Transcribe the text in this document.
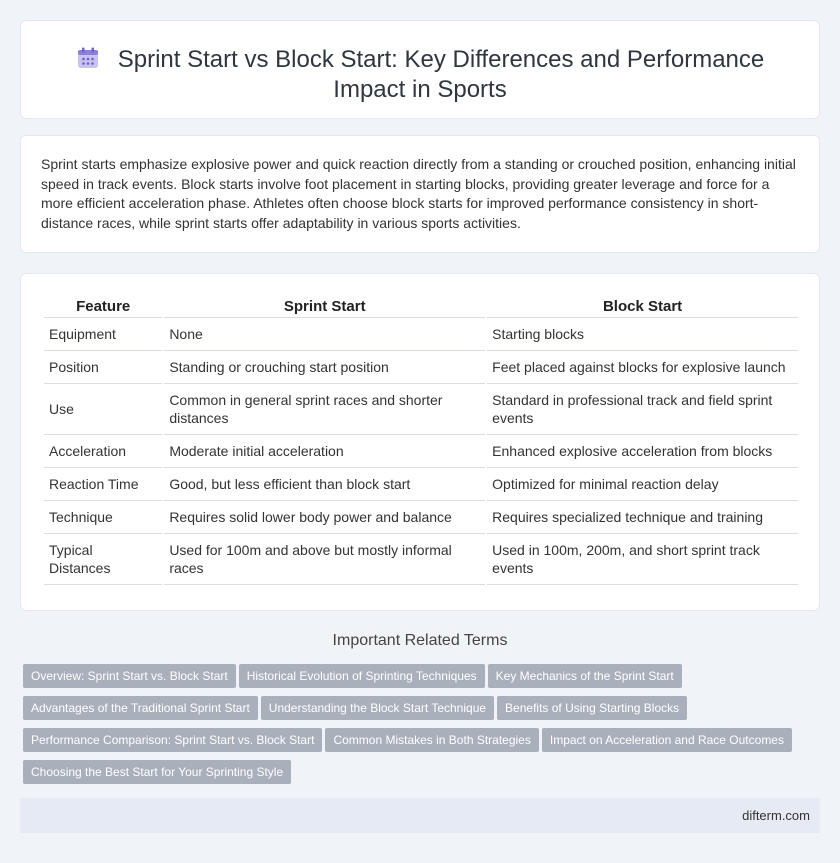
Sprint Start vs Block Start: Key Differences and Performance Impact in Sports

Sprint starts emphasize explosive power and quick reaction directly from a standing or crouched position, enhancing initial speed in track events. Block starts involve foot placement in starting blocks, providing greater leverage and force for a more efficient acceleration phase. Athletes often choose block starts for improved performance consistency in short-distance races, while sprint starts offer adaptability in various sports activities.

Feature	Sprint Start	Block Start
Equipment	None	Starting blocks
Position	Standing or crouching start position	Feet placed against blocks for explosive launch
Use	Common in general sprint races and shorter distances	Standard in professional track and field sprint events
Acceleration	Moderate initial acceleration	Enhanced explosive acceleration from blocks
Reaction Time	Good, but less efficient than block start	Optimized for minimal reaction delay
Technique	Requires solid lower body power and balance	Requires specialized technique and training
Typical Distances	Used for 100m and above but mostly informal races	Used in 100m, 200m, and short sprint track events
Important Related Terms
Overview: Sprint Start vs. Block Start Historical Evolution of Sprinting Techniques Key Mechanics of the Sprint Start
Advantages of the Traditional Sprint Start Understanding the Block Start Technique Benefits of Using Starting Blocks
Performance Comparison: Sprint Start vs. Block Start Common Mistakes in Both Strategies Impact on Acceleration and Race Outcomes
Choosing the Best Start for Your Sprinting Style
difterm.com
